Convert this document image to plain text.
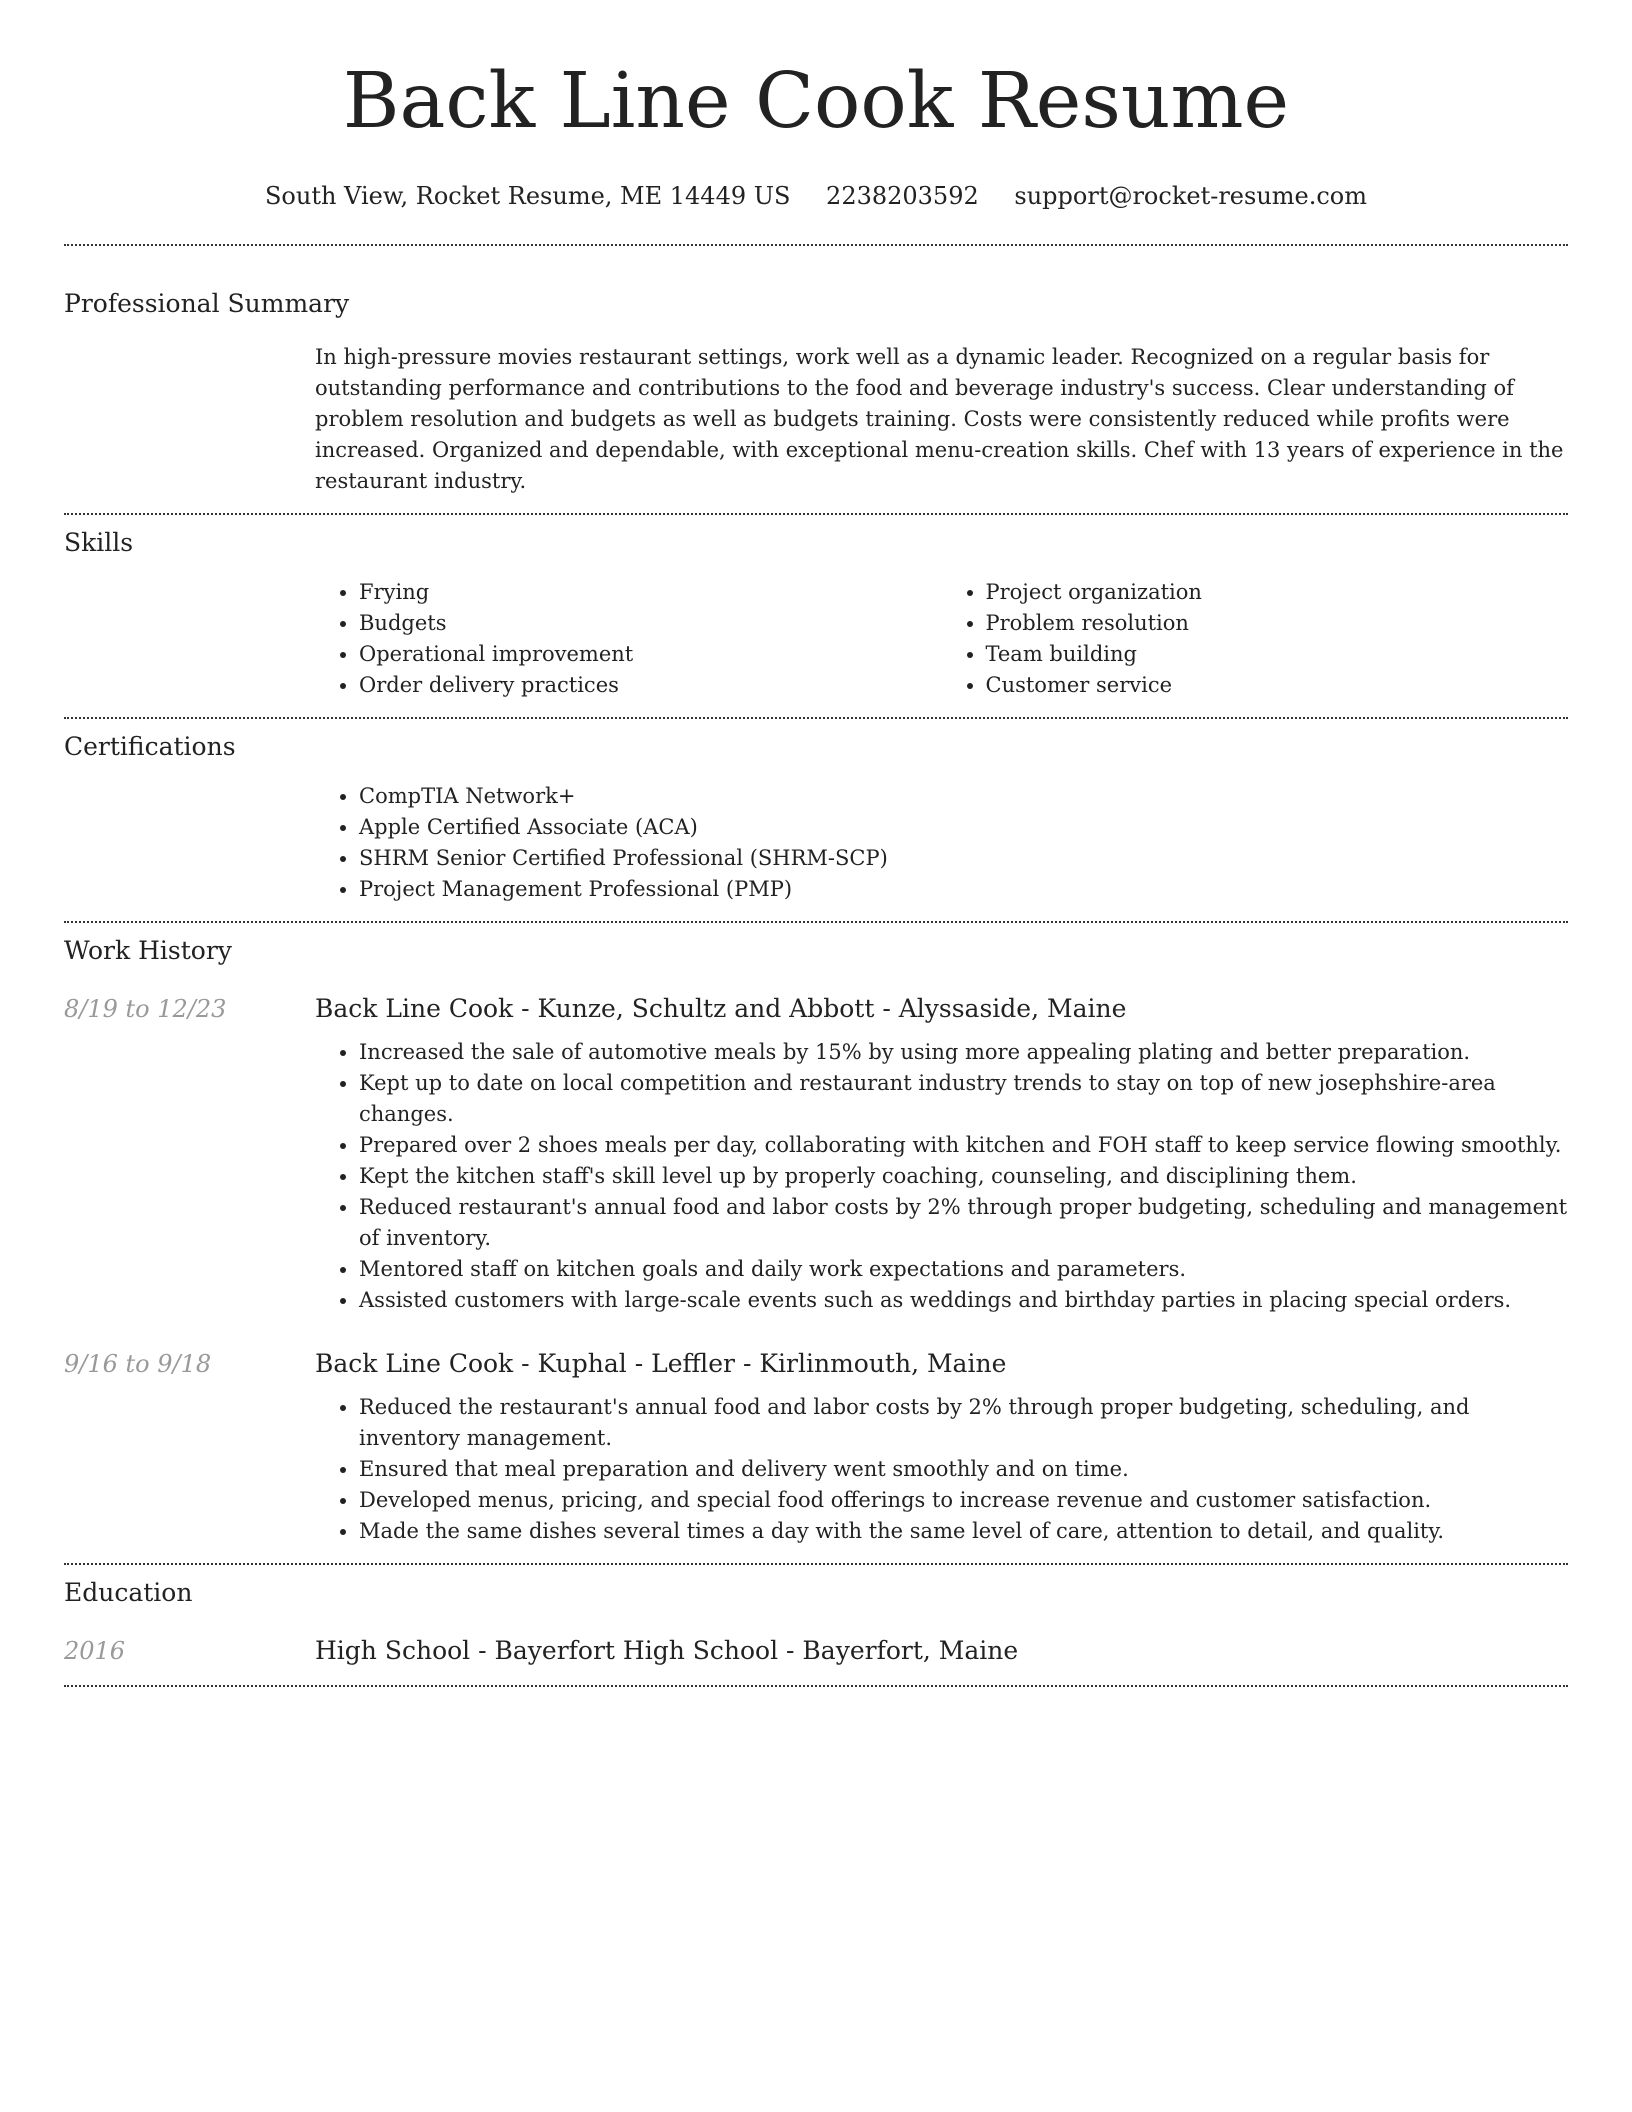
Back Line Cook Resume
South View, Rocket Resume, ME 14449 US 2238203592 support@rocket-resume.com
Professional Summary
In high-pressure movies restaurant settings, work well as a dynamic leader. Recognized on a regular basis for outstanding performance and contributions to the food and beverage industry's success. Clear understanding of problem resolution and budgets as well as budgets training. Costs were consistently reduced while profits were increased. Organized and dependable, with exceptional menu-creation skills. Chef with 13 years of experience in the restaurant industry.
Skills
• Frying
• Budgets
• Operational improvement
• Order delivery practices
• Project organization
• Problem resolution
• Team building
• Customer service
Certifications
• CompTIA Network+
• Apple Certified Associate (ACA)
• SHRM Senior Certified Professional (SHRM-SCP)
• Project Management Professional (PMP)
Work History
8/19 to 12/23	Back Line Cook - Kunze, Schultz and Abbott - Alyssaside, Maine
• Increased the sale of automotive meals by 15% by using more appealing plating and better preparation.
• Kept up to date on local competition and restaurant industry trends to stay on top of new josephshire-area changes.
• Prepared over 2 shoes meals per day, collaborating with kitchen and FOH staff to keep service flowing smoothly.
• Kept the kitchen staff's skill level up by properly coaching, counseling, and disciplining them.
• Reduced restaurant's annual food and labor costs by 2% through proper budgeting, scheduling and management of inventory.
• Mentored staff on kitchen goals and daily work expectations and parameters.
• Assisted customers with large-scale events such as weddings and birthday parties in placing special orders.
9/16 to 9/18	Back Line Cook - Kuphal - Leffler - Kirlinmouth, Maine
• Reduced the restaurant's annual food and labor costs by 2% through proper budgeting, scheduling, and inventory management.
• Ensured that meal preparation and delivery went smoothly and on time.
• Developed menus, pricing, and special food offerings to increase revenue and customer satisfaction.
• Made the same dishes several times a day with the same level of care, attention to detail, and quality.
Education
2016	High School - Bayerfort High School - Bayerfort, Maine
